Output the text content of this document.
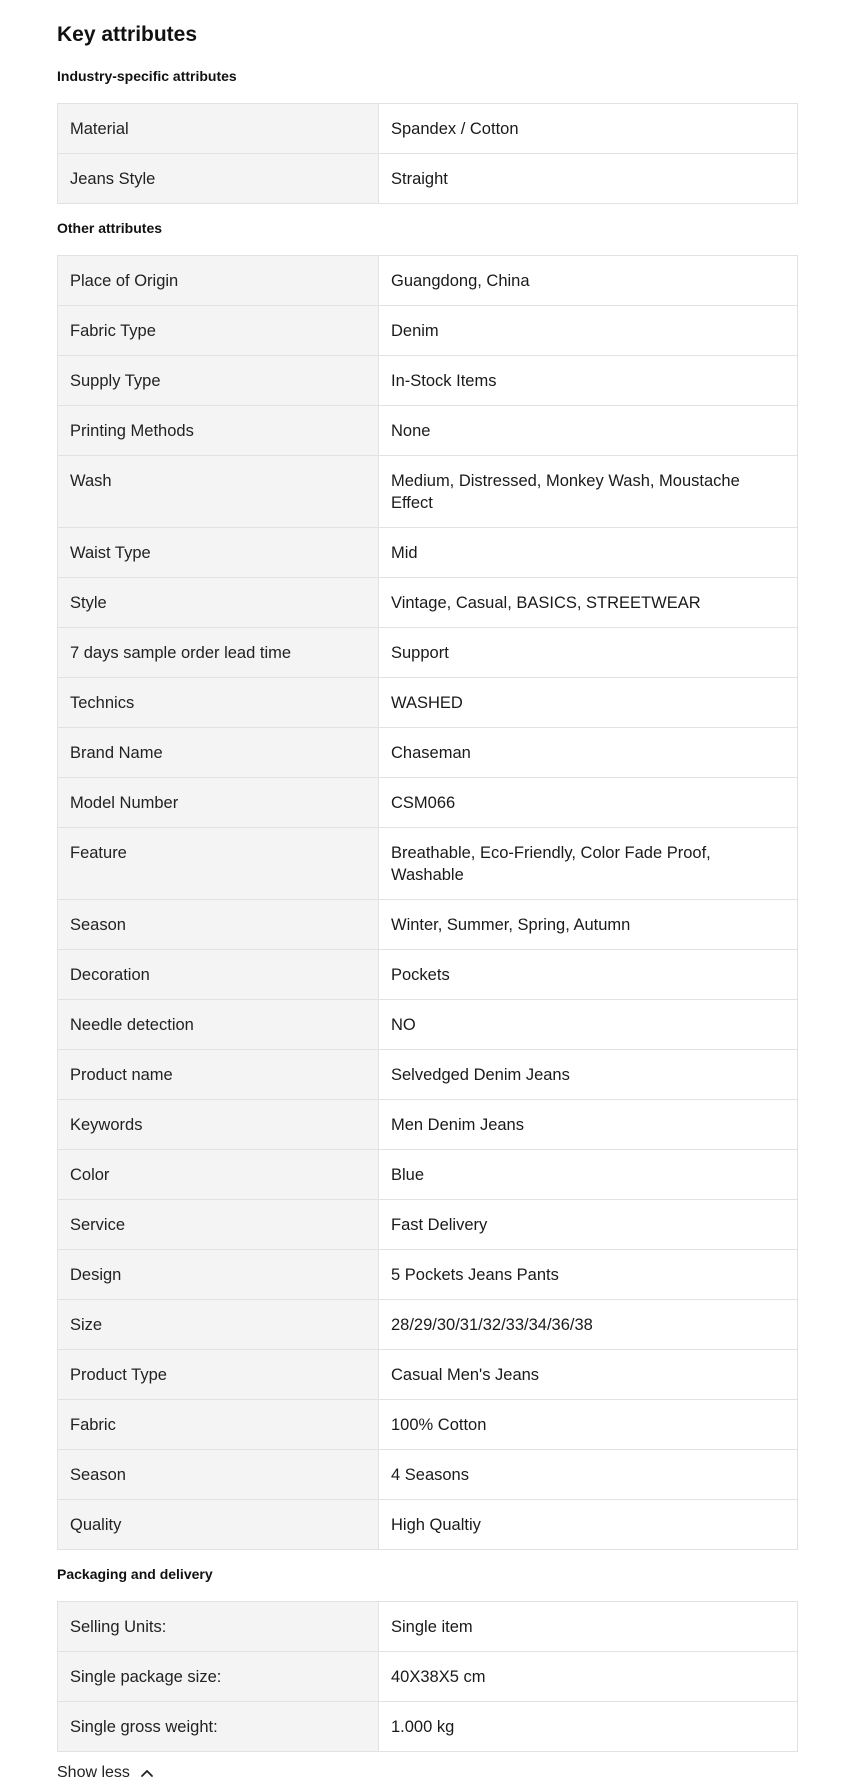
Key attributes
Industry-specific attributes
Material	Spandex / Cotton
Jeans Style	Straight
Other attributes
Place of Origin	Guangdong, China
Fabric Type	Denim
Supply Type	In-Stock Items
Printing Methods	None
Wash	Medium, Distressed, Monkey Wash, Moustache Effect
Waist Type	Mid
Style	Vintage, Casual, BASICS, STREETWEAR
7 days sample order lead time	Support
Technics	WASHED
Brand Name	Chaseman
Model Number	CSM066
Feature	Breathable, Eco-Friendly, Color Fade Proof, Washable
Season	Winter, Summer, Spring, Autumn
Decoration	Pockets
Needle detection	NO
Product name	Selvedged Denim Jeans
Keywords	Men Denim Jeans
Color	Blue
Service	Fast Delivery
Design	5 Pockets Jeans Pants
Size	28/29/30/31/32/33/34/36/38
Product Type	Casual Men's Jeans
Fabric	100% Cotton
Season	4 Seasons
Quality	High Qualtiy
Packaging and delivery
Selling Units:	Single item
Single package size:	40X38X5 cm
Single gross weight:	1.000 kg
Show less
